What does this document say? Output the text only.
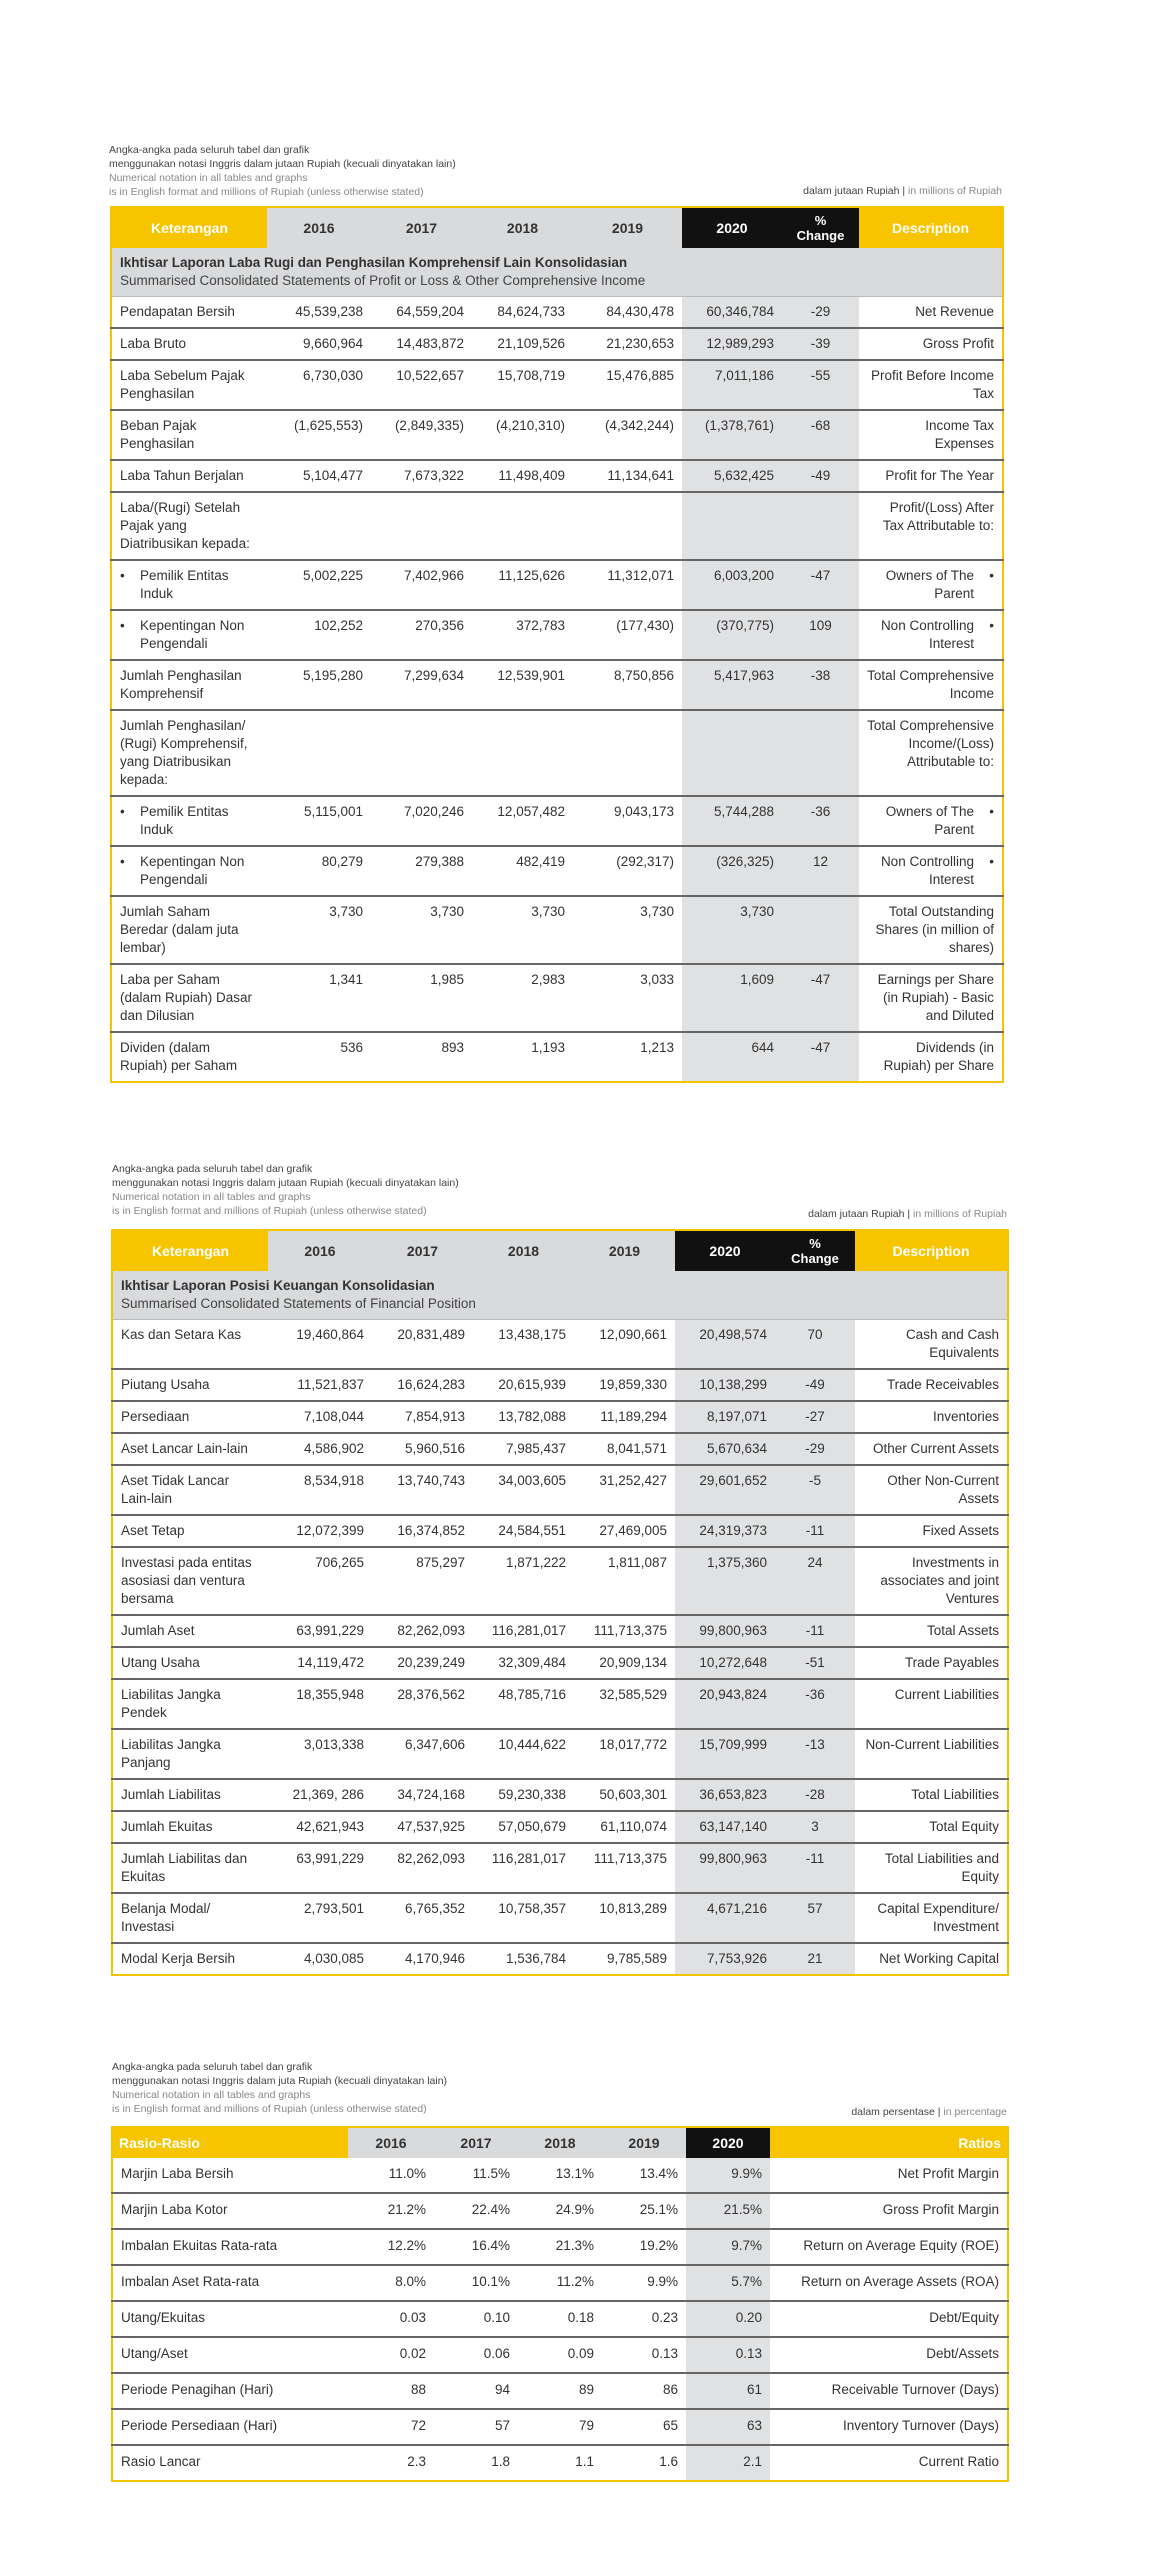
Angka-angka pada seluruh tabel dan grafik
menggunakan notasi Inggris dalam jutaan Rupiah (kecuali dinyatakan lain)
Numerical notation in all tables and graphs
is in English format and millions of Rupiah (unless otherwise stated)	dalam jutaan Rupiah | in millions of Rupiah
Keterangan	2016	2017	2018	2019	2020	%
Change	Description

Ikhtisar Laporan Laba Rugi dan Penghasilan Komprehensif Lain Konsolidasian
Summarised Consolidated Statements of Profit or Loss & Other Comprehensive Income							

Pendapatan Bersih	45,539,238	64,559,204	84,624,733	84,430,478	60,346,784	-29	Net Revenue
Laba Bruto	9,660,964	14,483,872	21,109,526	21,230,653	12,989,293	-39	Gross Profit
Laba Sebelum Pajak Penghasilan	6,730,030	10,522,657	15,708,719	15,476,885	7,011,186	-55	Profit Before Income Tax
Beban Pajak Penghasilan	(1,625,553)	(2,849,335)	(4,210,310)	(4,342,244)	(1,378,761)	-68	Income Tax Expenses
Laba Tahun Berjalan	5,104,477	7,673,322	11,498,409	11,134,641	5,632,425	-49	Profit for The Year
Laba/(Rugi) Setelah Pajak yang Diatribusikan kepada:							Profit/(Loss) After Tax Attributable to:

• Pemilik Entitas Induk	5,002,225	7,402,966	11,125,626	11,312,071	6,003,200	-47	Owners of The Parent
•

• Kepentingan Non Pengendali	102,252	270,356	372,783	(177,430)	(370,775)	109	Non Controlling Interest
•

Jumlah Penghasilan Komprehensif	5,195,280	7,299,634	12,539,901	8,750,856	5,417,963	-38	Total Comprehensive Income
Jumlah Penghasilan/ (Rugi) Komprehensif, yang Diatribusikan kepada:							Total Comprehensive Income/(Loss) Attributable to:

• Pemilik Entitas Induk	5,115,001	7,020,246	12,057,482	9,043,173	5,744,288	-36	Owners of The Parent
•

• Kepentingan Non Pengendali	80,279	279,388	482,419	(292,317)	(326,325)	12	Non Controlling Interest
•

Jumlah Saham Beredar (dalam juta lembar)	3,730	3,730	3,730	3,730	3,730		Total Outstanding Shares (in million of shares)
Laba per Saham (dalam Rupiah) Dasar dan Dilusian	1,341	1,985	2,983	3,033	1,609	-47	Earnings per Share (in Rupiah) - Basic and Diluted
Dividen (dalam Rupiah) per Saham	536	893	1,193	1,213	644	-47	Dividends (in Rupiah) per Share
Angka-angka pada seluruh tabel dan grafik
menggunakan notasi Inggris dalam jutaan Rupiah (kecuali dinyatakan lain)
Numerical notation in all tables and graphs
is in English format and millions of Rupiah (unless otherwise stated)	dalam jutaan Rupiah | in millions of Rupiah
Keterangan	2016	2017	2018	2019	2020	%
Change	Description

Ikhtisar Laporan Posisi Keuangan Konsolidasian
Summarised Consolidated Statements of Financial Position							

Kas dan Setara Kas	19,460,864	20,831,489	13,438,175	12,090,661	20,498,574	70	Cash and Cash Equivalents
Piutang Usaha	11,521,837	16,624,283	20,615,939	19,859,330	10,138,299	-49	Trade Receivables
Persediaan	7,108,044	7,854,913	13,782,088	11,189,294	8,197,071	-27	Inventories
Aset Lancar Lain-lain	4,586,902	5,960,516	7,985,437	8,041,571	5,670,634	-29	Other Current Assets
Aset Tidak Lancar Lain-lain	8,534,918	13,740,743	34,003,605	31,252,427	29,601,652	-5	Other Non-Current Assets
Aset Tetap	12,072,399	16,374,852	24,584,551	27,469,005	24,319,373	-11	Fixed Assets
Investasi pada entitas asosiasi dan ventura bersama	706,265	875,297	1,871,222	1,811,087	1,375,360	24	Investments in associates and joint Ventures
Jumlah Aset	63,991,229	82,262,093	116,281,017	111,713,375	99,800,963	-11	Total Assets
Utang Usaha	14,119,472	20,239,249	32,309,484	20,909,134	10,272,648	-51	Trade Payables
Liabilitas Jangka Pendek	18,355,948	28,376,562	48,785,716	32,585,529	20,943,824	-36	Current Liabilities
Liabilitas Jangka Panjang	3,013,338	6,347,606	10,444,622	18,017,772	15,709,999	-13	Non-Current Liabilities
Jumlah Liabilitas	21,369, 286	34,724,168	59,230,338	50,603,301	36,653,823	-28	Total Liabilities
Jumlah Ekuitas	42,621,943	47,537,925	57,050,679	61,110,074	63,147,140	3	Total Equity
Jumlah Liabilitas dan Ekuitas	63,991,229	82,262,093	116,281,017	111,713,375	99,800,963	-11	Total Liabilities and Equity
Belanja Modal/ Investasi	2,793,501	6,765,352	10,758,357	10,813,289	4,671,216	57	Capital Expenditure/ Investment
Modal Kerja Bersih	4,030,085	4,170,946	1,536,784	9,785,589	7,753,926	21	Net Working Capital
Angka-angka pada seluruh tabel dan grafik
menggunakan notasi Inggris dalam juta Rupiah (kecuali dinyatakan lain)
Numerical notation in all tables and graphs
is in English format and millions of Rupiah (unless otherwise stated)	dalam persentase | in percentage
Rasio-Rasio	2016	2017	2018	2019	2020	Ratios
Marjin Laba Bersih	11.0%	11.5%	13.1%	13.4%	9.9%	Net Profit Margin
Marjin Laba Kotor	21.2%	22.4%	24.9%	25.1%	21.5%	Gross Profit Margin
Imbalan Ekuitas Rata-rata	12.2%	16.4%	21.3%	19.2%	9.7%	Return on Average Equity (ROE)
Imbalan Aset Rata-rata	8.0%	10.1%	11.2%	9.9%	5.7%	Return on Average Assets (ROA)
Utang/Ekuitas	0.03	0.10	0.18	0.23	0.20	Debt/Equity
Utang/Aset	0.02	0.06	0.09	0.13	0.13	Debt/Assets
Periode Penagihan (Hari)	88	94	89	86	61	Receivable Turnover (Days)
Periode Persediaan (Hari)	72	57	79	65	63	Inventory Turnover (Days)
Rasio Lancar	2.3	1.8	1.1	1.6	2.1	Current Ratio
